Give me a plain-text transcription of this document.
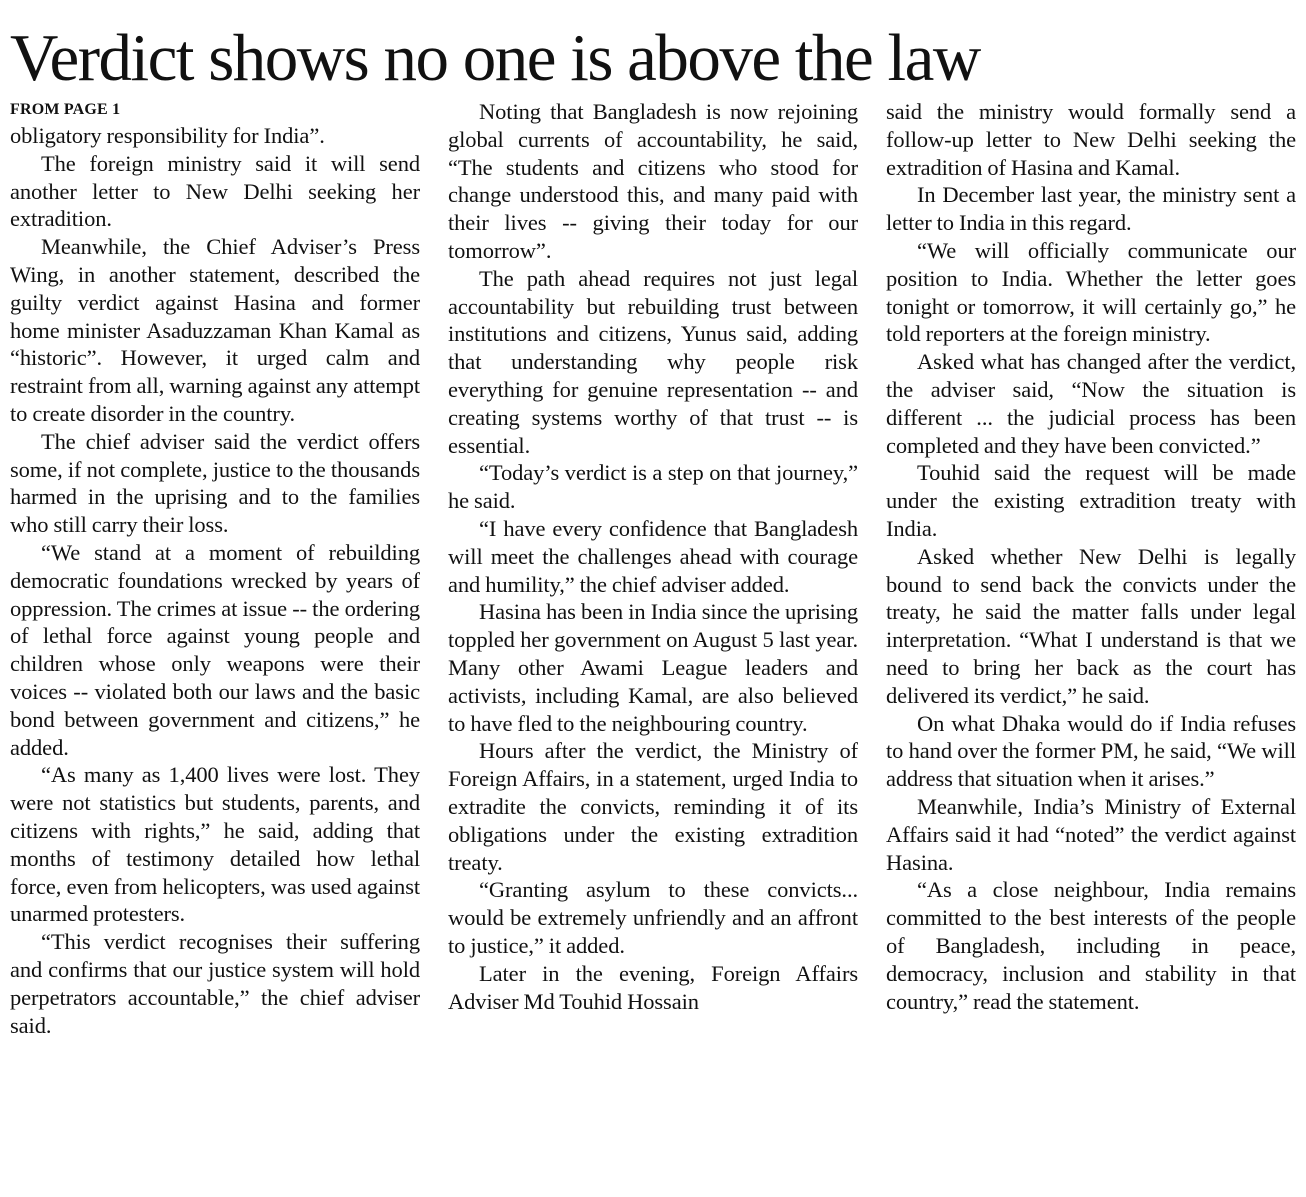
Verdict shows no one is above the law
FROM PAGE 1

obligatory responsibility for India”.

The foreign ministry said it will send another letter to New Delhi seeking her extradition.

Meanwhile, the Chief Adviser’s Press Wing, in another statement, described the guilty verdict against Hasina and former home minister Asaduzzaman Khan Kamal as “historic”. However, it urged calm and restraint from all, warning against any attempt to create disorder in the country.

The chief adviser said the verdict offers some, if not complete, justice to the thousands harmed in the uprising and to the families who still carry their loss.

“We stand at a moment of rebuilding democratic foundations wrecked by years of oppression. The crimes at issue -- the ordering of lethal force against young people and children whose only weapons were their voices -- violated both our laws and the basic bond between government and citizens,” he added.

“As many as 1,400 lives were lost. They were not statistics but students, parents, and citizens with rights,” he said, adding that months of testimony detailed how lethal force, even from helicopters, was used against unarmed protesters.

“This verdict recognises their suffering and confirms that our justice system will hold perpetrators accountable,” the chief adviser said.

Noting that Bangladesh is now rejoining global currents of accountability, he said, “The students and citizens who stood for change understood this, and many paid with their lives -- giving their today for our tomorrow”.

The path ahead requires not just legal accountability but rebuilding trust between institutions and citizens, Yunus said, adding that understanding why people risk everything for genuine representation -- and creating systems worthy of that trust -- is essential.

“Today’s verdict is a step on that journey,” he said.

“I have every confidence that Bangladesh will meet the challenges ahead with courage and humility,” the chief adviser added.

Hasina has been in India since the uprising toppled her government on August 5 last year. Many other Awami League leaders and activists, including Kamal, are also believed to have fled to the neighbouring country.

Hours after the verdict, the Ministry of Foreign Affairs, in a statement, urged India to extradite the convicts, reminding it of its obligations under the existing extradition treaty.

“Granting asylum to these convicts... would be extremely unfriendly and an affront to justice,” it added.

Later in the evening, Foreign Affairs Adviser Md Touhid Hossain

said the ministry would formally send a follow-up letter to New Delhi seeking the extradition of Hasina and Kamal.

In December last year, the ministry sent a letter to India in this regard.

“We will officially communicate our position to India. Whether the letter goes tonight or tomorrow, it will certainly go,” he told reporters at the foreign ministry.

Asked what has changed after the verdict, the adviser said, “Now the situation is different ... the judicial process has been completed and they have been convicted.”

Touhid said the request will be made under the existing extradition treaty with India.

Asked whether New Delhi is legally bound to send back the convicts under the treaty, he said the matter falls under legal interpretation. “What I understand is that we need to bring her back as the court has delivered its verdict,” he said.

On what Dhaka would do if India refuses to hand over the former PM, he said, “We will address that situation when it arises.”

Meanwhile, India’s Ministry of External Affairs said it had “noted” the verdict against Hasina.

“As a close neighbour, India remains committed to the best interests of the people of Bangladesh, including in peace, democracy, inclusion and stability in that country,” read the statement.
